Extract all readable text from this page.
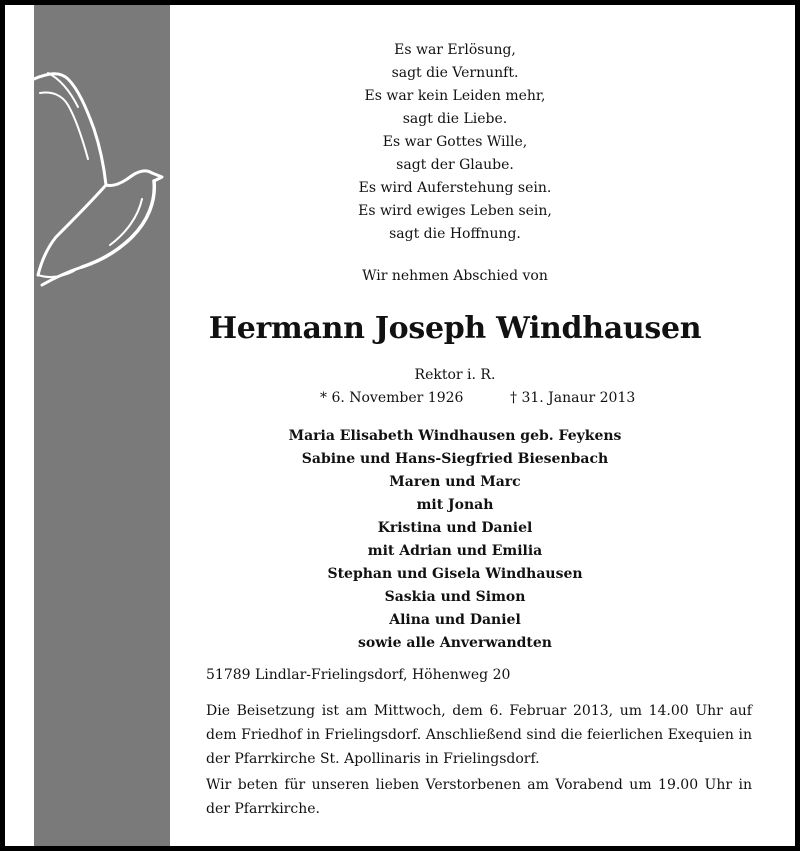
Es war Erlösung,
sagt die Vernunft.
Es war kein Leiden mehr,
sagt die Liebe.
Es war Gottes Wille,
sagt der Glaube.
Es wird Auferstehung sein.
Es wird ewiges Leben sein,
sagt die Hoffnung.
Wir nehmen Abschied von
Hermann Joseph Windhausen
Rektor i. R.
* 6. November 1926	† 31. Janaur 2013
Maria Elisabeth Windhausen geb. Feykens
Sabine und Hans-Siegfried Biesenbach
Maren und Marc
mit Jonah
Kristina und Daniel
mit Adrian und Emilia
Stephan und Gisela Windhausen
Saskia und Simon
Alina und Daniel
sowie alle Anverwandten
51789 Lindlar-Frielingsdorf, Höhenweg 20
Die Beisetzung ist am Mittwoch, dem 6. Februar 2013, um 14.00 Uhr auf dem Friedhof in Frielingsdorf. Anschließend sind die feierlichen Exequien in der Pfarrkirche St. Apollinaris in Frielingsdorf.
Wir beten für unseren lieben Verstorbenen am Vorabend um 19.00 Uhr in der Pfarrkirche.
